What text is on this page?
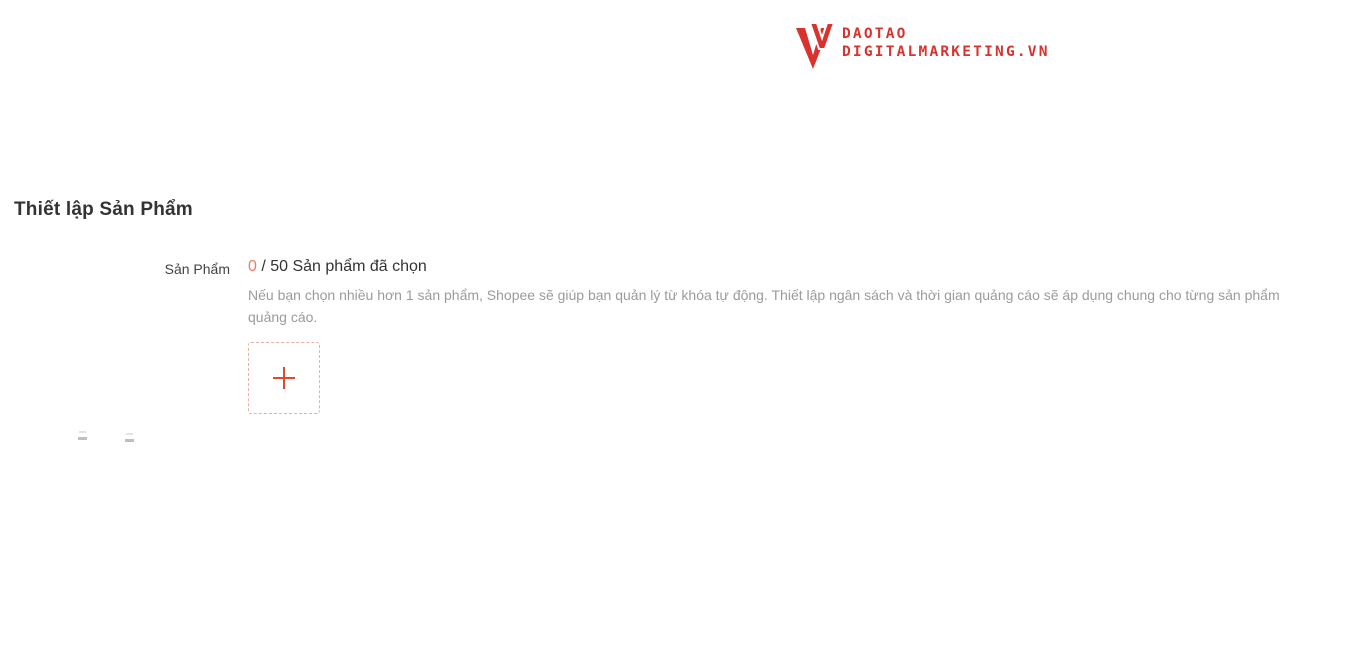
DAOTAO
DIGITALMARKETING.VN
Thiết lập Sản Phẩm
Sản Phẩm 0 / 50 Sản phẩm đã chọn
Nếu bạn chọn nhiều hơn 1 sản phẩm, Shopee sẽ giúp bạn quản lý từ khóa tự động. Thiết lập ngân sách và thời gian quảng cáo sẽ áp dụng chung cho từng sản phẩm quảng cáo.
